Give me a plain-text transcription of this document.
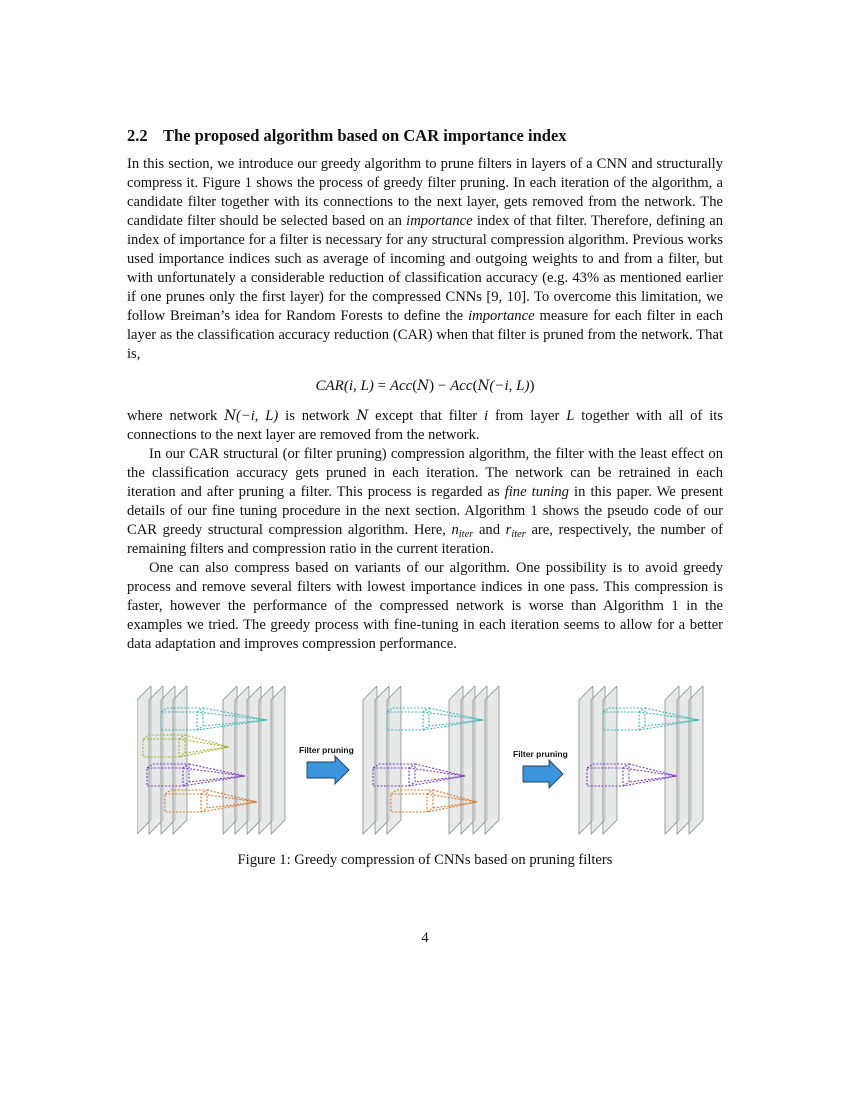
2.2 The proposed algorithm based on CAR importance index

In this section, we introduce our greedy algorithm to prune filters in layers of a CNN and structurally compress it. Figure 1 shows the process of greedy filter pruning. In each iteration of the algorithm, a candidate filter together with its connections to the next layer, gets removed from the network. The candidate filter should be selected based on an importance index of that filter. Therefore, defining an index of importance for a filter is necessary for any structural compression algorithm. Previous works used importance indices such as average of incoming and outgoing weights to and from a filter, but with unfortunately a considerable reduction of classification accuracy (e.g. 43% as mentioned earlier if one prunes only the first layer) for the compressed CNNs [9, 10]. To overcome this limitation, we follow Breiman’s idea for Random Forests to define the importance measure for each filter in each layer as the classification accuracy reduction (CAR) when that filter is pruned from the network. That is,

CAR(i, L) = Acc(N) − Acc(N(−i, L))

where network N(−i, L) is network N except that filter i from layer L together with all of its connections to the next layer are removed from the network.

In our CAR structural (or filter pruning) compression algorithm, the filter with the least effect on the classification accuracy gets pruned in each iteration. The network can be retrained in each iteration and after pruning a filter. This process is regarded as fine tuning in this paper. We present details of our fine tuning procedure in the next section. Algorithm 1 shows the pseudo code of our CAR greedy structural compression algorithm. Here, $n_{iter}$ and $r_{iter}$ are, respectively, the number of remaining filters and compression ratio in the current iteration.

One can also compress based on variants of our algorithm. One possibility is to avoid greedy process and remove several filters with lowest importance indices in one pass. This compression is faster, however the performance of the compressed network is worse than Algorithm 1 in the examples we tried. The greedy process with fine-tuning in each iteration seems to allow for a better data adaptation and improves compression performance.

Filter pruning	Filter pruning
Figure 1: Greedy compression of CNNs based on pruning filters
4
